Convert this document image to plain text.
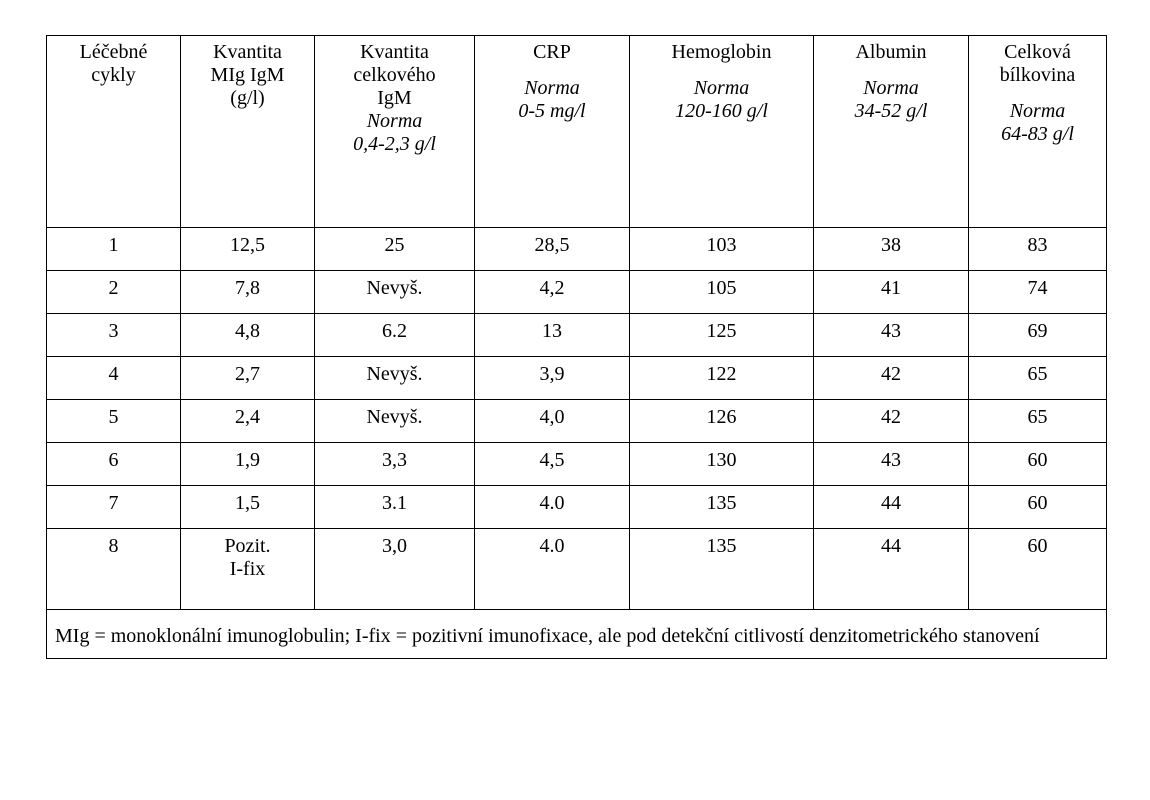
Léčebné
cykly	Kvantita
MIg IgM
(g/l)	Kvantita
celkového
IgM
Norma
0,4-2,3 g/l	CRP
Norma
0-5 mg/l	Hemoglobin
Norma
120-160 g/l	Albumin
Norma
34-52 g/l	Celková
bílkovina
Norma
64-83 g/l

1	12,5	25	28,5	103	38	83
2	7,8	Nevyš.	4,2	105	41	74
3	4,8	6.2	13	125	43	69
4	2,7	Nevyš.	3,9	122	42	65
5	2,4	Nevyš.	4,0	126	42	65
6	1,9	3,3	4,5	130	43	60
7	1,5	3.1	4.0	135	44	60
8	Pozit.
I-fix	3,0	4.0	135	44	60
MIg = monoklonální imunoglobulin; I-fix = pozitivní imunofixace, ale pod detekční citlivostí denzitometrického stanovení						
